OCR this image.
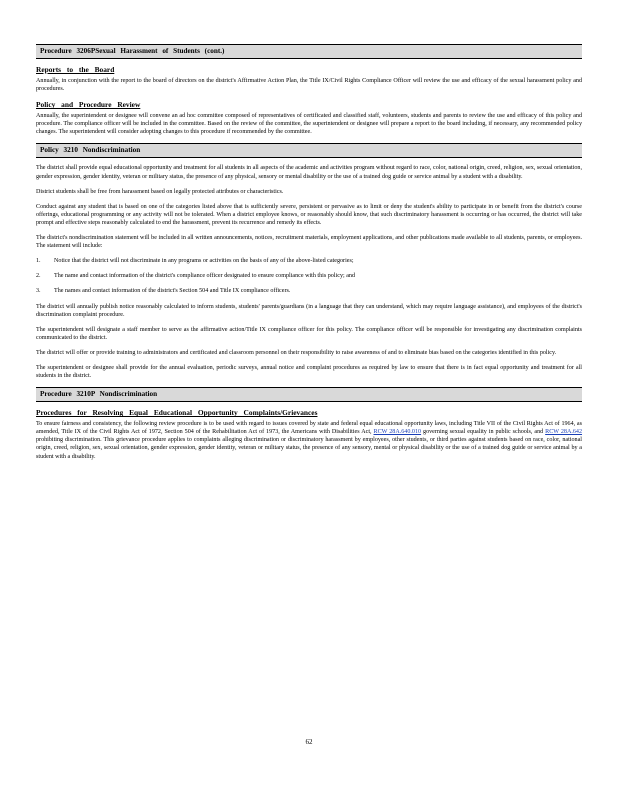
Procedure 3206PSexual Harassment of Students (cont.)
Reports to the Board

Annually, in conjunction with the report to the board of directors on the district's Affirmative Action Plan, the Title IX/Civil Rights Compliance Officer will review the use and efficacy of the sexual harassment policy and procedures.

Policy and Procedure Review

Annually, the superintendent or designee will convene an ad hoc committee composed of representatives of certificated and classified staff, volunteers, students and parents to review the use and efficacy of this policy and procedure. The compliance officer will be included in the committee. Based on the review of the committee, the superintendent or designee will prepare a report to the board including, if necessary, any recommended policy changes. The superintendent will consider adopting changes to this procedure if recommended by the committee.

Policy 3210 Nondiscrimination

The district shall provide equal educational opportunity and treatment for all students in all aspects of the academic and activities program without regard to race, color, national origin, creed, religion, sex, sexual orientation, gender expression, gender identity, veteran or military status, the presence of any physical, sensory or mental disability or the use of a trained dog guide or service animal by a student with a disability.

District students shall be free from harassment based on legally protected attributes or characteristics.

Conduct against any student that is based on one of the categories listed above that is sufficiently severe, persistent or pervasive as to limit or deny the student's ability to participate in or benefit from the district's course offerings, educational programming or any activity will not be tolerated. When a district employee knows, or reasonably should know, that such discriminatory harassment is occurring or has occurred, the district will take prompt and effective steps reasonably calculated to end the harassment, prevent its recurrence and remedy its effects.

The district's nondiscrimination statement will be included in all written announcements, notices, recruitment materials, employment applications, and other publications made available to all students, parents, or employees. The statement will include:

1.	Notice that the district will not discriminate in any programs or activities on the basis of any of the above-listed categories;
2.	The name and contact information of the district's compliance officer designated to ensure compliance with this policy; and
3.	The names and contact information of the district's Section 504 and Title IX compliance officers.

The district will annually publish notice reasonably calculated to inform students, students' parents/guardians (in a language that they can understand, which may require language assistance), and employees of the district's discrimination complaint procedure.

The superintendent will designate a staff member to serve as the affirmative action/Title IX compliance officer for this policy. The compliance officer will be responsible for investigating any discrimination complaints communicated to the district.

The district will offer or provide training to administrators and certificated and classroom personnel on their responsibility to raise awareness of and to eliminate bias based on the categories identified in this policy.

The superintendent or designee shall provide for the annual evaluation, periodic surveys, annual notice and complaint procedures as required by law to ensure that there is in fact equal opportunity and treatment for all students in the district.

Procedure 3210P Nondiscrimination
Procedures for Resolving Equal Educational Opportunity Complaints/Grievances

To ensure fairness and consistency, the following review procedure is to be used with regard to issues covered by state and federal equal educational opportunity laws, including Title VII of the Civil Rights Act of 1964, as amended, Title IX of the Civil Rights Act of 1972, Section 504 of the Rehabilitation Act of 1973, the Americans with Disabilities Act, RCW 28A.640.010 governing sexual equality in public schools, and RCW 28A.642 prohibiting discrimination. This grievance procedure applies to complaints alleging discrimination or discriminatory harassment by employees, other students, or third parties against students based on race, color, national origin, creed, religion, sex, sexual orientation, gender expression, gender identity, veteran or military status, the presence of any sensory, mental or physical disability or the use of a trained dog guide or service animal by a student with a disability.

62
